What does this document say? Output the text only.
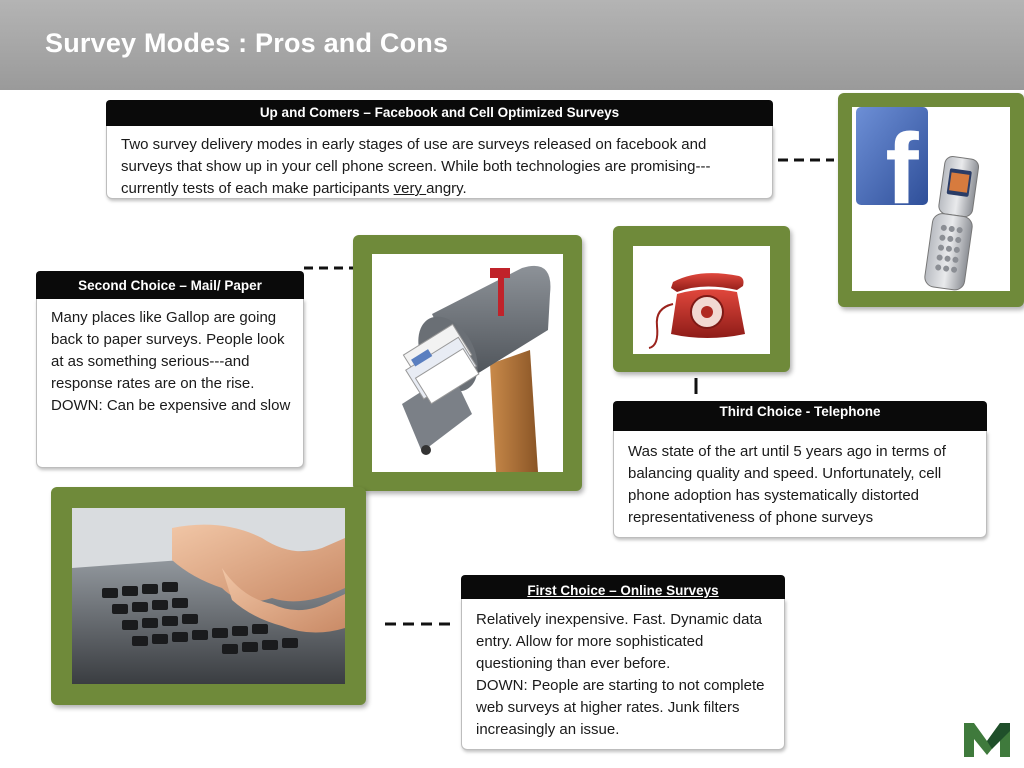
Survey Modes : Pros and Cons
Up and Comers – Facebook and Cell Optimized Surveys

Two survey delivery modes in early stages of use are surveys released on facebook and surveys that show up in your cell phone screen. While both technologies are promising---currently tests of each make participants very angry.	f
Second Choice – Mail/ Paper

Many places like Gallop are going back to paper surveys. People look at as something serious---and response rates are on the rise.

DOWN: Can be expensive and slow	Third Choice - Telephone

Was state of the art until 5 years ago in terms of balancing quality and speed. Unfortunately, cell phone adoption has systematically distorted representativeness of phone surveys

First Choice – Online Surveys

Relatively inexpensive. Fast. Dynamic data entry. Allow for more sophisticated questioning than ever before.

DOWN: People are starting to not complete web surveys at higher rates. Junk filters increasingly an issue.
